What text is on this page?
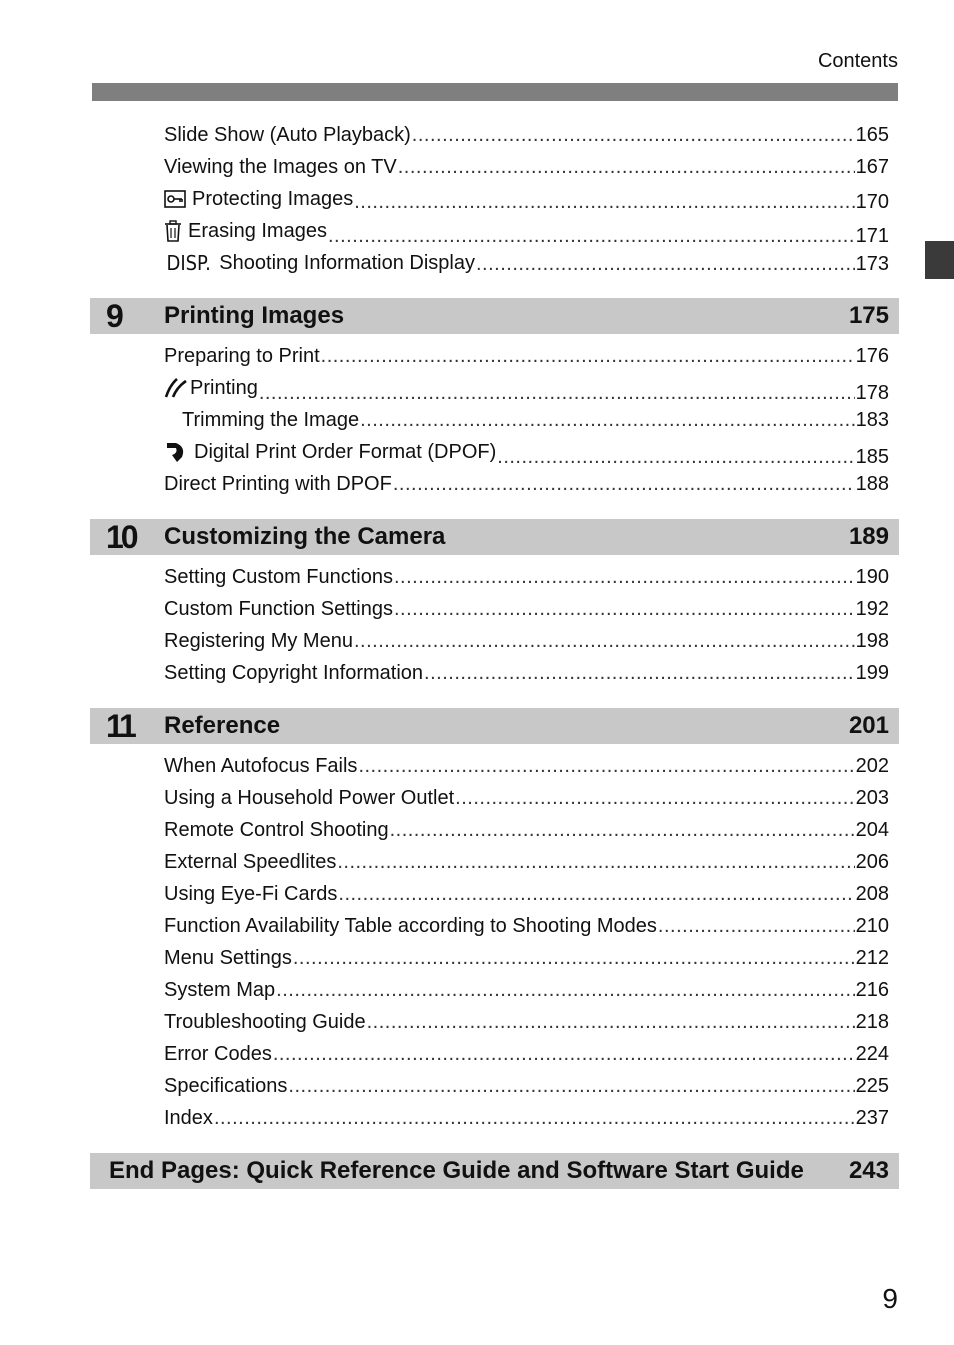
Contents
Slide Show (Auto Playback) .....	165
Viewing the Images on TV .....	167
Protecting Images .....	170
Erasing Images .....	171
DISP. Shooting Information Display .....	173
9	Printing Images	175
Preparing to Print .....	176
Printing .....	178
Trimming the Image .....	183
Digital Print Order Format (DPOF) .....	185
Direct Printing with DPOF .....	188
10	Customizing the Camera	189
Setting Custom Functions .....	190
Custom Function Settings .....	192
Registering My Menu .....	198
Setting Copyright Information .....	199
11	Reference	201
When Autofocus Fails .....	202
Using a Household Power Outlet .....	203
Remote Control Shooting .....	204
External Speedlites .....	206
Using Eye-Fi Cards .....	208
Function Availability Table according to Shooting Modes .....	210
Menu Settings .....	212
System Map .....	216
Troubleshooting Guide .....	218
Error Codes .....	224
Specifications .....	225
Index .....	237
End Pages: Quick Reference Guide and Software Start Guide 243
9
